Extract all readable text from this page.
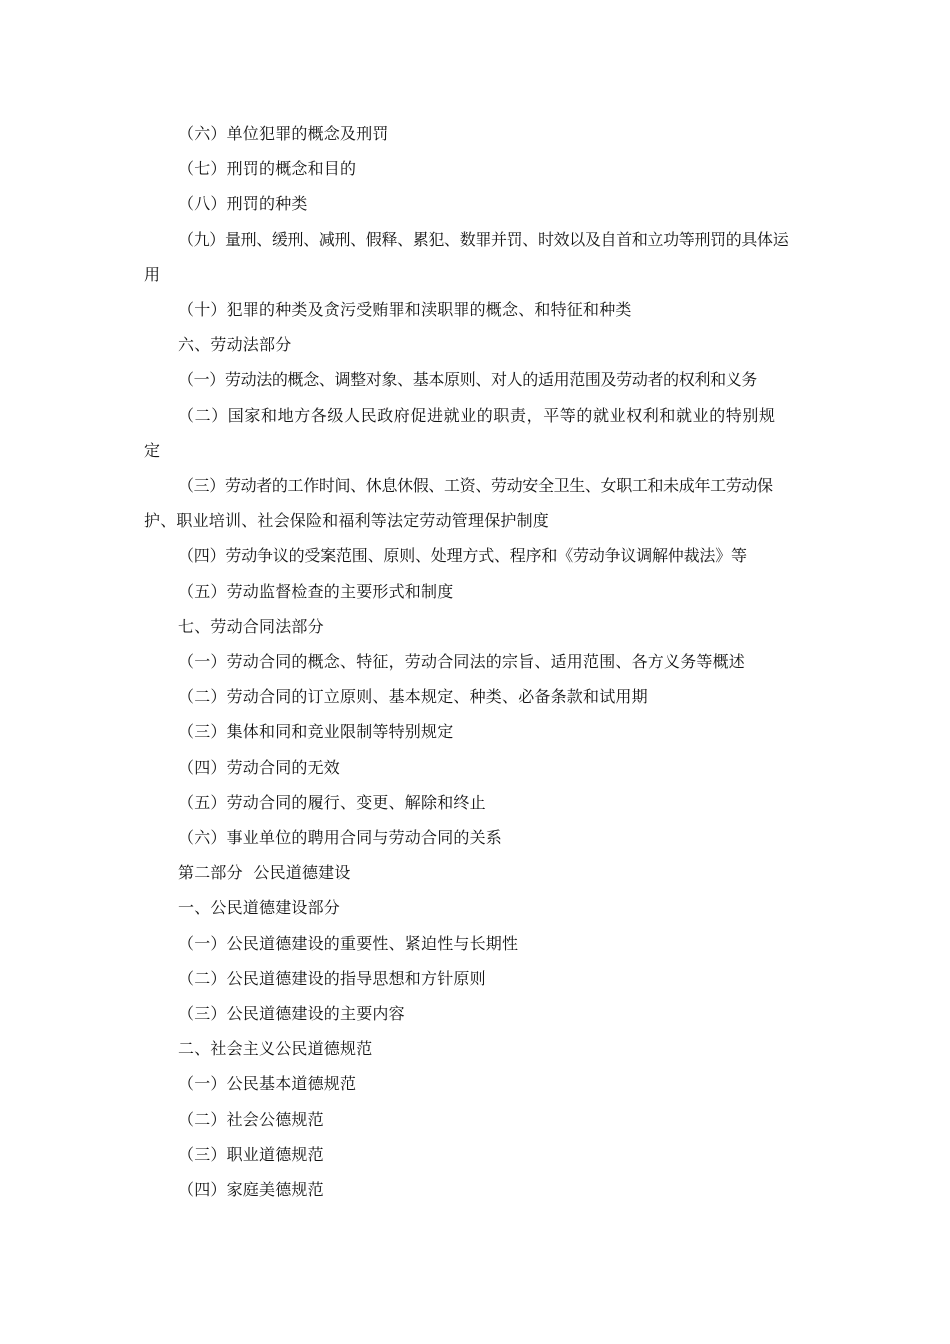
（六）单位犯罪的概念及刑罚

（七）刑罚的概念和目的

（八）刑罚的种类

（九）量刑、缓刑、减刑、假释、累犯、数罪并罚、时效以及自首和立功等刑罚的具体运

用

（十）犯罪的种类及贪污受贿罪和渎职罪的概念、和特征和种类

六、劳动法部分

（一）劳动法的概念、调整对象、基本原则、对人的适用范围及劳动者的权利和义务

（二）国家和地方各级人民政府促进就业的职责，平等的就业权利和就业的特别规

定

（三）劳动者的工作时间、休息休假、工资、劳动安全卫生、女职工和未成年工劳动保

护、职业培训、社会保险和福利等法定劳动管理保护制度

（四）劳动争议的受案范围、原则、处理方式、程序和《劳动争议调解仲裁法》等

（五）劳动监督检查的主要形式和制度

七、劳动合同法部分

（一）劳动合同的概念、特征，劳动合同法的宗旨、适用范围、各方义务等概述

（二）劳动合同的订立原则、基本规定、种类、必备条款和试用期

（三）集体和同和竞业限制等特别规定

（四）劳动合同的无效

（五）劳动合同的履行、变更、解除和终止

（六）事业单位的聘用合同与劳动合同的关系

第二部分  公民道德建设

一、公民道德建设部分

（一）公民道德建设的重要性、紧迫性与长期性

（二）公民道德建设的指导思想和方针原则

（三）公民道德建设的主要内容

二、社会主义公民道德规范

（一）公民基本道德规范

（二）社会公德规范

（三）职业道德规范

（四）家庭美德规范
